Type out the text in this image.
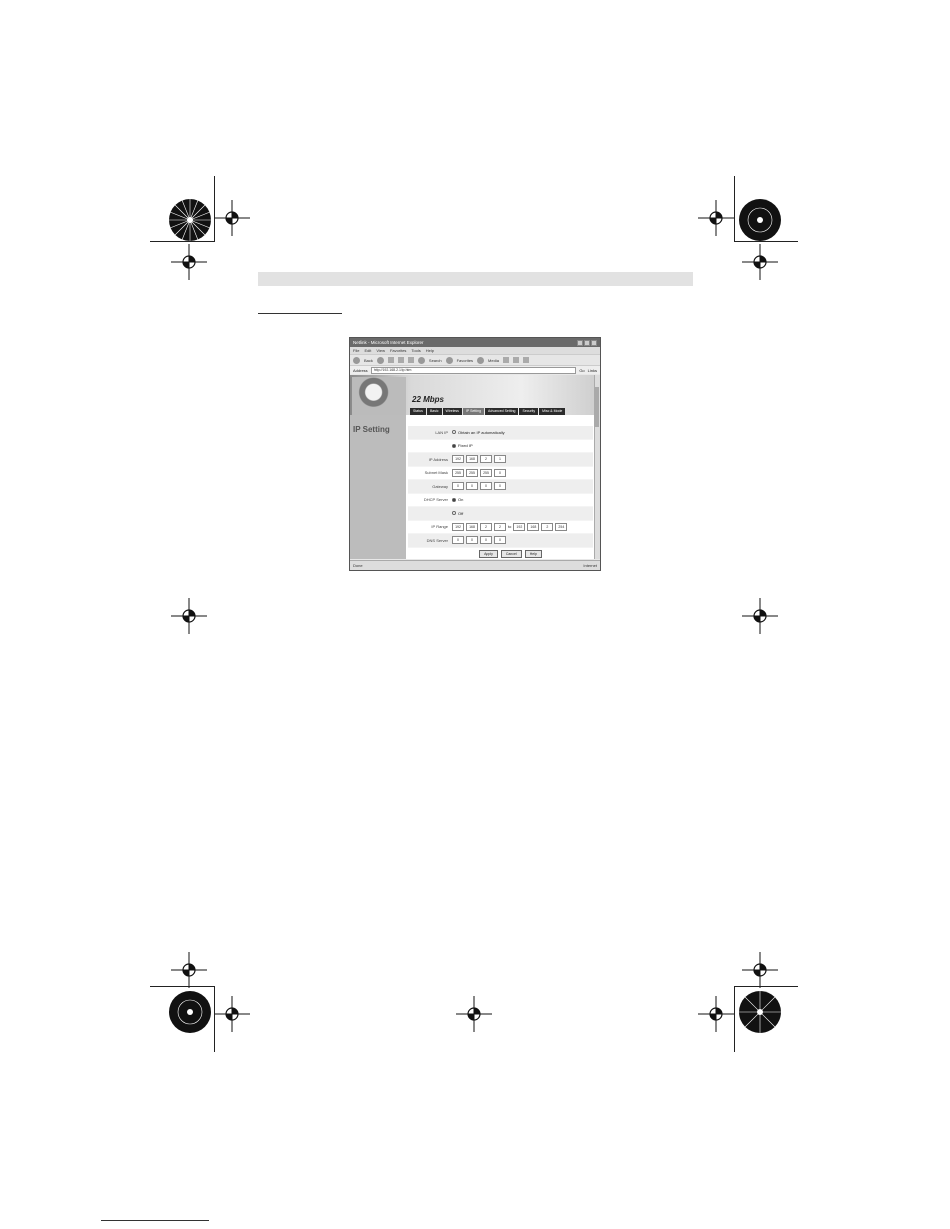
Netlink - Microsoft Internet Explorer
File Edit View Favorites Tools Help
Back	Search	Favorites	Media
Address	http://192.168.2.1/ip.htm	Go Links
22 Mbps
Status	Basic	Wireless	IP Setting	Advanced Setting	Security	Misc & Mode
IP Setting	LAN IP	Obtain an IP automatically
Fixed IP
IP Address	192	168	2	1
Subnet Mask	255	255	255	0
Gateway	0	0	0	0
DHCP Server	On
Off
IP Range	192	168	2	2	to	192	168	2	254
DNS Server	0	0	0	0
Apply	Cancel	Help
Done	Internet
